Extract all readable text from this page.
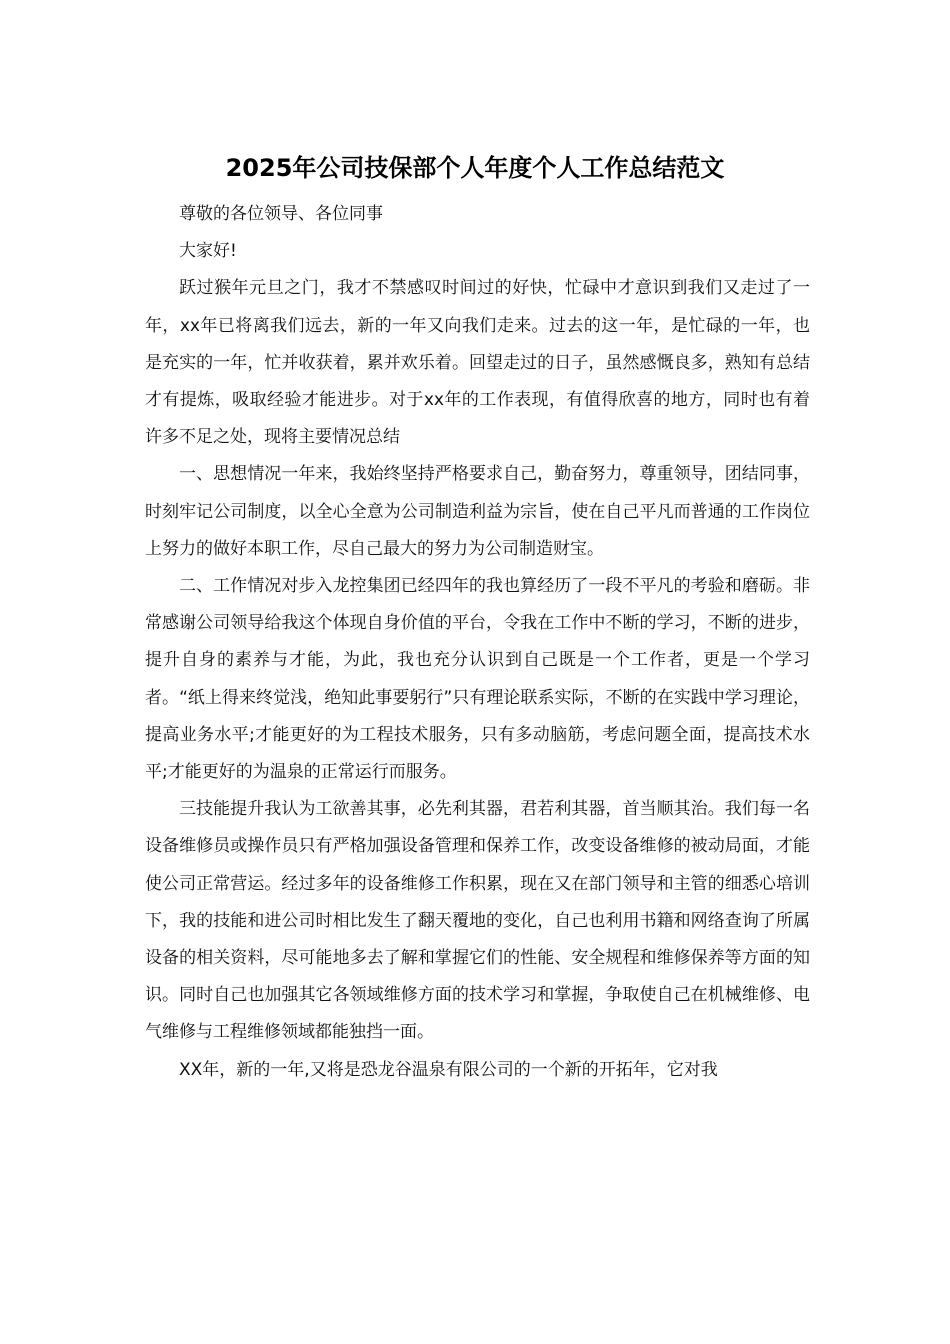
2025年公司技保部个人年度个人工作总结范文

尊敬的各位领导、各位同事

大家好!

跃过猴年元旦之门，我才不禁感叹时间过的好快，忙碌中才意识到我们又走过了一年，xx年已将离我们远去，新的一年又向我们走来。过去的这一年，是忙碌的一年，也是充实的一年，忙并收获着，累并欢乐着。回望走过的日子，虽然感慨良多，熟知有总结才有提炼，吸取经验才能进步。对于xx年的工作表现，有值得欣喜的地方，同时也有着许多不足之处，现将主要情况总结

一、思想情况一年来，我始终坚持严格要求自己，勤奋努力，尊重领导，团结同事，时刻牢记公司制度，以全心全意为公司制造利益为宗旨，使在自己平凡而普通的工作岗位上努力的做好本职工作，尽自己最大的努力为公司制造财宝。

二、工作情况对步入龙控集团已经四年的我也算经历了一段不平凡的考验和磨砺。非常感谢公司领导给我这个体现自身价值的平台，令我在工作中不断的学习，不断的进步，提升自身的素养与才能，为此，我也充分认识到自己既是一个工作者，更是一个学习者。“纸上得来终觉浅，绝知此事要躬行”只有理论联系实际，不断的在实践中学习理论，提高业务水平;才能更好的为工程技术服务，只有多动脑筋，考虑问题全面，提高技术水平;才能更好的为温泉的正常运行而服务。

三技能提升我认为工欲善其事，必先利其器，君若利其器，首当顺其治。我们每一名设备维修员或操作员只有严格加强设备管理和保养工作，改变设备维修的被动局面，才能使公司正常营运。经过多年的设备维修工作积累，现在又在部门领导和主管的细悉心培训下，我的技能和进公司时相比发生了翻天覆地的变化，自己也利用书籍和网络查询了所属设备的相关资料，尽可能地多去了解和掌握它们的性能、安全规程和维修保养等方面的知识。同时自己也加强其它各领域维修方面的技术学习和掌握，争取使自己在机械维修、电气维修与工程维修领域都能独挡一面。

XX年，新的一年,又将是恐龙谷温泉有限公司的一个新的开拓年，它对我
